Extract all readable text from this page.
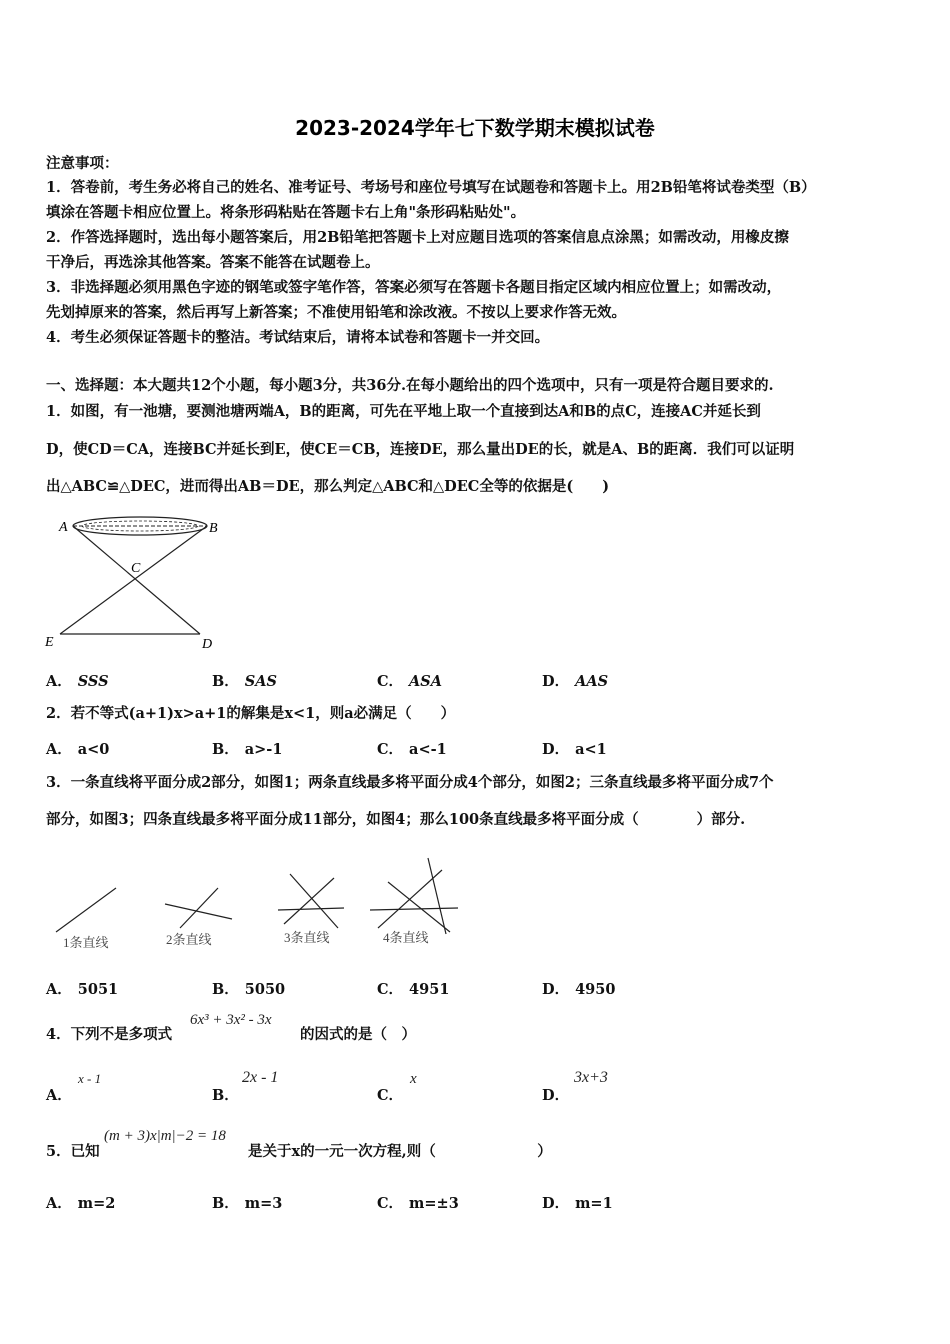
2023-2024学年七下数学期末模拟试卷
注意事项：
1．答卷前，考生务必将自己的姓名、准考证号、考场号和座位号填写在试题卷和答题卡上。用2B铅笔将试卷类型（B）
填涂在答题卡相应位置上。将条形码粘贴在答题卡右上角"条形码粘贴处"。
2．作答选择题时，选出每小题答案后，用2B铅笔把答题卡上对应题目选项的答案信息点涂黑；如需改动，用橡皮擦
干净后，再选涂其他答案。答案不能答在试题卷上。
3．非选择题必须用黑色字迹的钢笔或签字笔作答，答案必须写在答题卡各题目指定区域内相应位置上；如需改动，
先划掉原来的答案，然后再写上新答案；不准使用铅笔和涂改液。不按以上要求作答无效。
4．考生必须保证答题卡的整洁。考试结束后，请将本试卷和答题卡一并交回。
一、选择题：本大题共12个小题，每小题3分，共36分.在每小题给出的四个选项中，只有一项是符合题目要求的.
1．如图，有一池塘，要测池塘两端A，B的距离，可先在平地上取一个直接到达A和B的点C，连接AC并延长到
D，使CD＝CA，连接BC并延长到E，使CE＝CB，连接DE，那么量出DE的长，就是A、B的距离．我们可以证明
出△ABC≌△DEC，进而得出AB＝DE，那么判定△ABC和△DEC全等的依据是(　　)
A	B
C
E	D
A． SSS	B． SAS	C． ASA	D． AAS
2．若不等式(a+1)x>a+1的解集是x<1，则a必满足（　　）
A． a<0	B． a>-1	C． a<-1	D． a<1
3．一条直线将平面分成2部分，如图1；两条直线最多将平面分成4个部分，如图2；三条直线最多将平面分成7个
部分，如图3；四条直线最多将平面分成11部分，如图4；那么100条直线最多将平面分成（　　　　）部分.
1条直线	2条直线	3条直线	4条直线
A． 5051	B． 5050	C． 4951	D． 4950
4．下列不是多项式
6x³ + 3x² - 3x
的因式的是（　）
A．
x - 1
B．
2x - 1
C．
x
D．
3x+3
5．已知
(m + 3)x|m|−2 = 18
是关于x的一元一次方程,则（　　　　　　　）
A． m=2	B． m=3	C． m=±3	D． m=1
